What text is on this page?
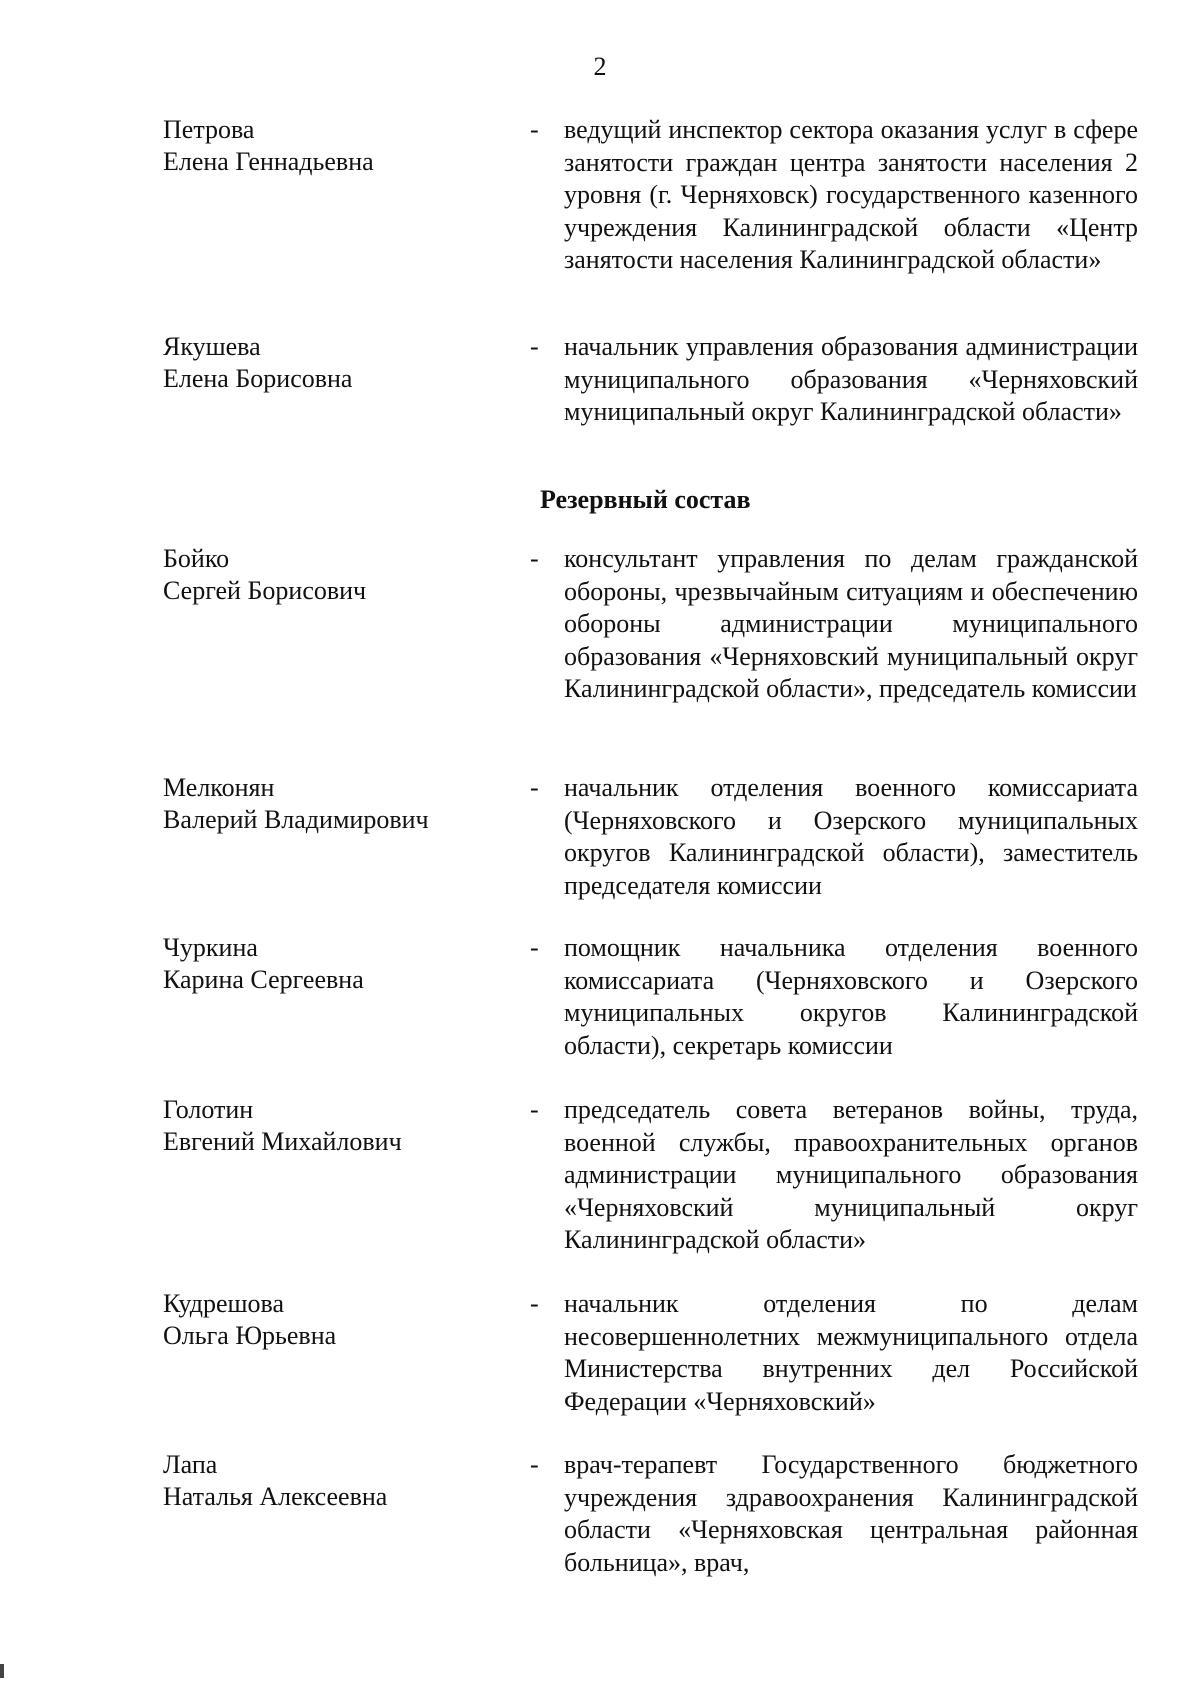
2
Петрова
Елена Геннадьевна
- ведущий инспектор сектора оказания услуг в сфере занятости граждан центра занятости населения 2 уровня (г. Черняховск) государственного казенного учреждения Калининградской области «Центр занятости населения Калининградской области»
Якушева
Елена Борисовна
- начальник управления образования администрации муниципального образования «Черняховский муниципальный округ Калининградской области»
Резервный состав
Бойко
Сергей Борисович
- консультант управления по делам гражданской обороны, чрезвычайным ситуациям и обеспечению обороны администрации муниципального образования «Черняховский муниципальный округ Калининградской области», председатель комиссии
Мелконян
Валерий Владимирович
- начальник отделения военного комиссариата (Черняховского и Озерского муниципальных округов Калининградской области), заместитель председателя комиссии
Чуркина
Карина Сергеевна
- помощник начальника отделения военного комиссариата (Черняховского и Озерского муниципальных округов Калининградской области), секретарь комиссии
Голотин
Евгений Михайлович
- председатель совета ветеранов войны, труда, военной службы, правоохранительных органов администрации муниципального образования «Черняховский муниципальный округ Калининградской области»
Кудрешова
Ольга Юрьевна
- начальник отделения по делам несовершеннолетних межмуниципального отдела Министерства внутренних дел Российской Федерации «Черняховский»
Лапа
Наталья Алексеевна
- врач-терапевт Государственного бюджетного учреждения здравоохранения Калининградской области «Черняховская центральная районная больница», врач,
